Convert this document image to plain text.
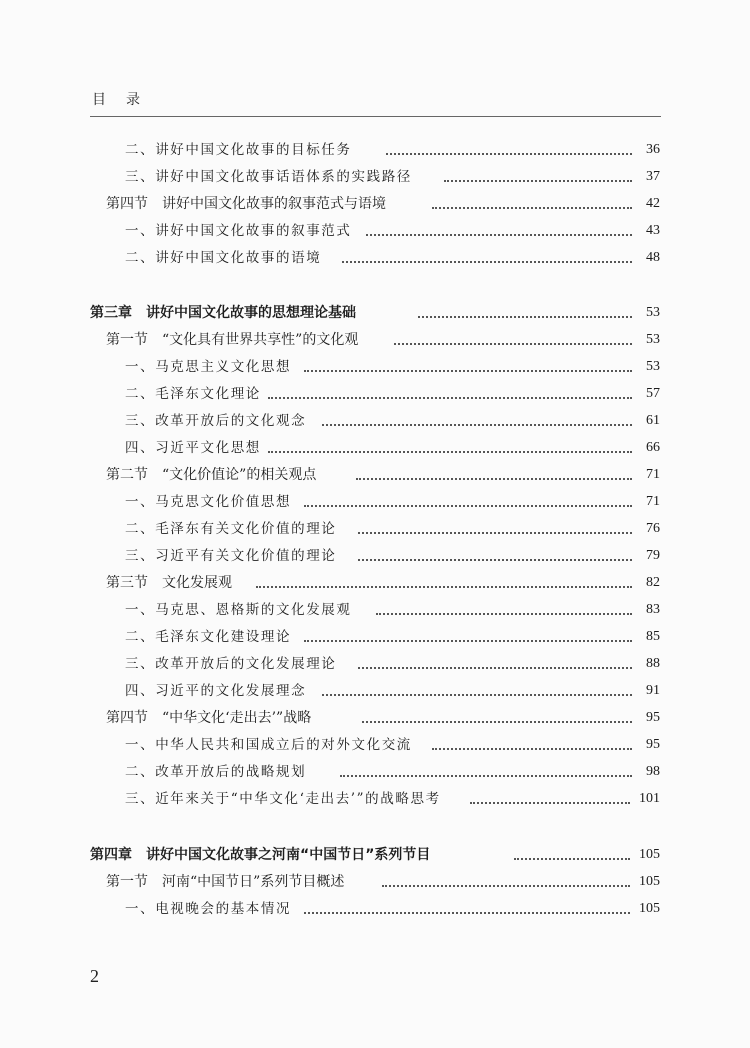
目录
二、讲好中国文化故事的目标任务	36
三、讲好中国文化故事话语体系的实践路径	37
第四节　讲好中国文化故事的叙事范式与语境	42
一、讲好中国文化故事的叙事范式	43
二、讲好中国文化故事的语境	48
第三章　讲好中国文化故事的思想理论基础	53
第一节　“文化具有世界共享性”的文化观	53
一、马克思主义文化思想	53
二、毛泽东文化理论	57
三、改革开放后的文化观念	61
四、习近平文化思想	66
第二节　“文化价值论”的相关观点	71
一、马克思文化价值思想	71
二、毛泽东有关文化价值的理论	76
三、习近平有关文化价值的理论	79
第三节　文化发展观	82
一、马克思、恩格斯的文化发展观	83
二、毛泽东文化建设理论	85
三、改革开放后的文化发展理论	88
四、习近平的文化发展理念	91
第四节　“中华文化‘走出去’”战略	95
一、中华人民共和国成立后的对外文化交流	95
二、改革开放后的战略规划	98
三、近年来关于“中华文化‘走出去’”的战略思考	101
第四章　讲好中国文化故事之河南“中国节日”系列节目	105
第一节　河南“中国节日”系列节目概述	105
一、电视晚会的基本情况	105
2
